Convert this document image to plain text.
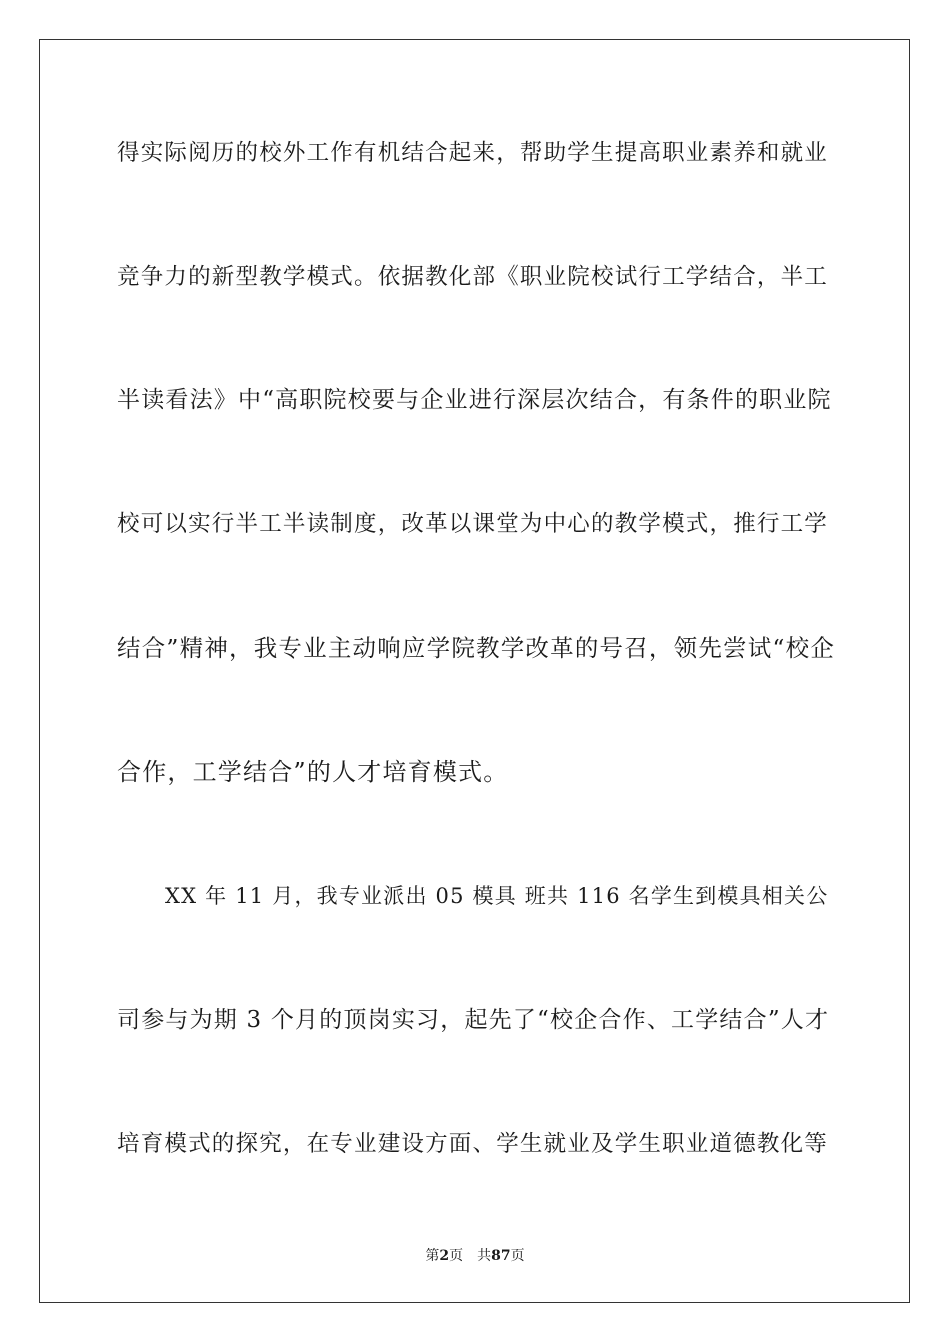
得实际阅历的校外工作有机结合起来，帮助学生提高职业素养和就业
竞争力的新型教学模式。依据教化部《职业院校试行工学结合，半工
半读看法》中“高职院校要与企业进行深层次结合，有条件的职业院
校可以实行半工半读制度，改革以课堂为中心的教学模式，推行工学
结合”精神，我专业主动响应学院教学改革的号召，领先尝试“校企
合作，工学结合”的人才培育模式。
XX 年 11 月，我专业派出 05 模具 班共 116 名学生到模具相关公
司参与为期 3 个月的顶岗实习，起先了“校企合作、工学结合”人才
培育模式的探究，在专业建设方面、学生就业及学生职业道德教化等
第2页 共87页
